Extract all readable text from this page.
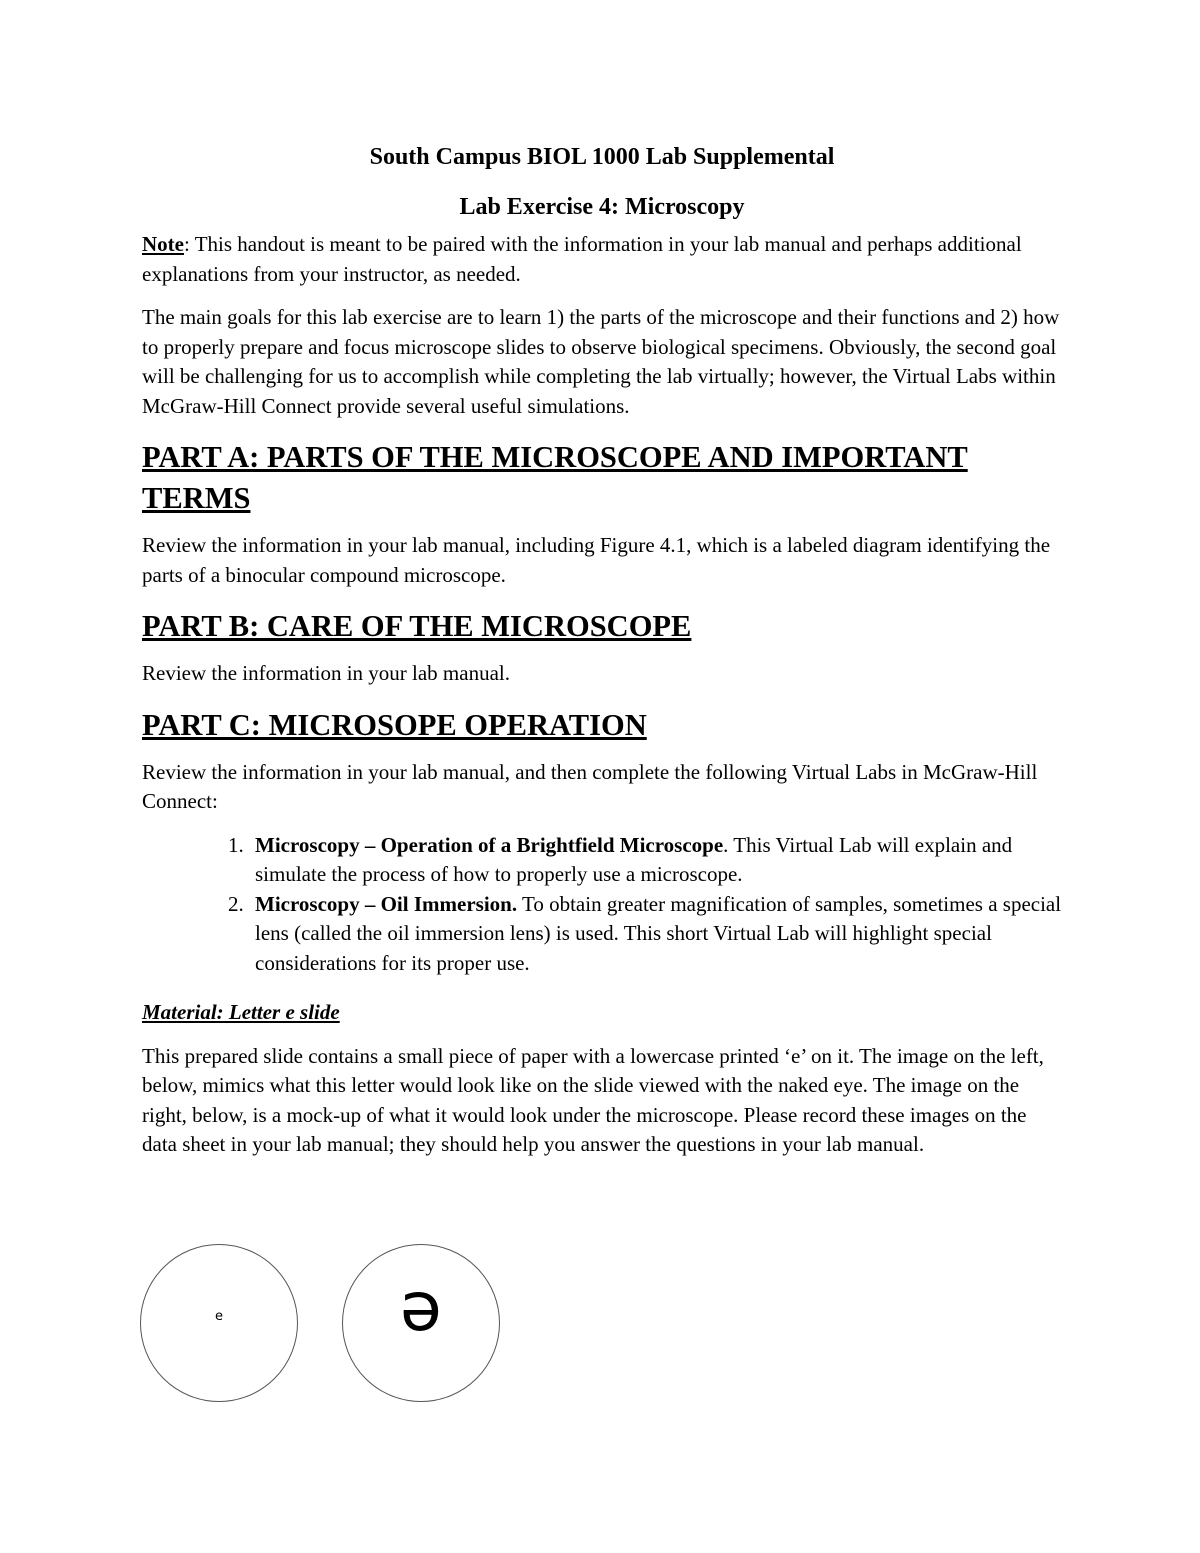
South Campus BIOL 1000 Lab Supplemental
Lab Exercise 4: Microscopy

Note: This handout is meant to be paired with the information in your lab manual and perhaps additional explanations from your instructor, as needed.

The main goals for this lab exercise are to learn 1) the parts of the microscope and their functions and 2) how to properly prepare and focus microscope slides to observe biological specimens. Obviously, the second goal will be challenging for us to accomplish while completing the lab virtually; however, the Virtual Labs within McGraw-Hill Connect provide several useful simulations.

PART A: PARTS OF THE MICROSCOPE AND IMPORTANT TERMS

Review the information in your lab manual, including Figure 4.1, which is a labeled diagram identifying the parts of a binocular compound microscope.

PART B: CARE OF THE MICROSCOPE

Review the information in your lab manual.

PART C: MICROSOPE OPERATION

Review the information in your lab manual, and then complete the following Virtual Labs in McGraw-Hill Connect:

1. Microscopy – Operation of a Brightfield Microscope. This Virtual Lab will explain and simulate the process of how to properly use a microscope.
2. Microscopy – Oil Immersion. To obtain greater magnification of samples, sometimes a special lens (called the oil immersion lens) is used. This short Virtual Lab will highlight special considerations for its proper use.

Material: Letter e slide

This prepared slide contains a small piece of paper with a lowercase printed ‘e’ on it. The image on the left, below, mimics what this letter would look like on the slide viewed with the naked eye. The image on the right, below, is a mock-up of what it would look under the microscope. Please record these images on the data sheet in your lab manual; they should help you answer the questions in your lab manual.

e	e
